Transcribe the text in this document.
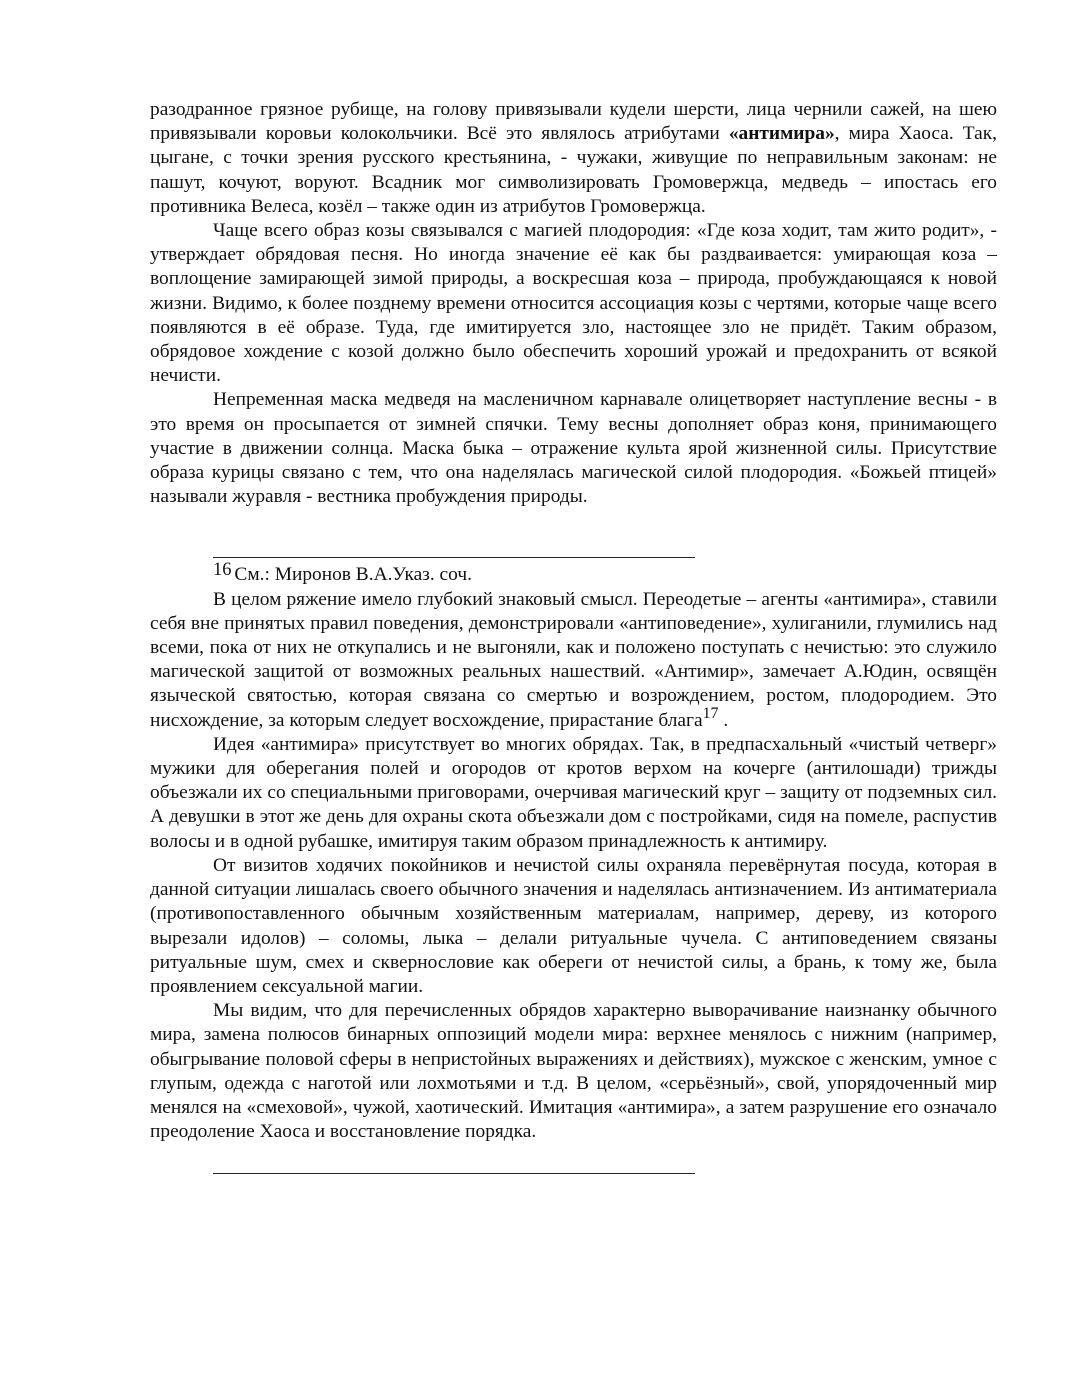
разодранное грязное рубище, на голову привязывали кудели шерсти, лица чернили сажей, на шею привязывали коровьи колокольчики. Всё это являлось атрибутами «антимира», мира Хаоса. Так, цыгане, с точки зрения русского крестьянина, - чужаки, живущие по неправильным законам: не пашут, кочуют, воруют. Всадник мог символизировать Громовержца, медведь – ипостась его противника Велеса, козёл – также один из атрибутов Громовержца.

Чаще всего образ козы связывался с магией плодородия: «Где коза ходит, там жито родит», - утверждает обрядовая песня. Но иногда значение её как бы раздваивается: умирающая коза – воплощение замирающей зимой природы, а воскресшая коза – природа, пробуждающаяся к новой жизни. Видимо, к более позднему времени относится ассоциация козы с чертями, которые чаще всего появляются в её образе. Туда, где имитируется зло, настоящее зло не придёт. Таким образом, обрядовое хождение с козой должно было обеспечить хороший урожай и предохранить от всякой нечисти.

Непременная маска медведя на масленичном карнавале олицетворяет наступление весны - в это время он просыпается от зимней спячки. Тему весны дополняет образ коня, принимающего участие в движении солнца. Маска быка – отражение культа ярой жизненной силы. Присутствие образа курицы связано с тем, что она наделялась магической силой плодородия. «Божьей птицей» называли журавля - вестника пробуждения природы.

16 См.: Миронов В.А.Указ. соч.

В целом ряжение имело глубокий знаковый смысл. Переодетые – агенты «антимира», ставили себя вне принятых правил поведения, демонстрировали «антиповедение», хулиганили, глумились над всеми, пока от них не откупались и не выгоняли, как и положено поступать с нечистью: это служило магической защитой от возможных реальных нашествий. «Антимир», замечает А.Юдин, освящён языческой святостью, которая связана со смертью и возрождением, ростом, плодородием. Это нисхождение, за которым следует восхождение, прирастание блага$^{17}$ .

Идея «антимира» присутствует во многих обрядах. Так, в предпасхальный «чистый четверг» мужики для оберегания полей и огородов от кротов верхом на кочерге (антилошади) трижды объезжали их со специальными приговорами, очерчивая магический круг – защиту от подземных сил. А девушки в этот же день для охраны скота объезжали дом с постройками, сидя на помеле, распустив волосы и в одной рубашке, имитируя таким образом принадлежность к антимиру.

От визитов ходячих покойников и нечистой силы охраняла перевёрнутая посуда, которая в данной ситуации лишалась своего обычного значения и наделялась антизначением. Из антиматериала (противопоставленного обычным хозяйственным материалам, например, дереву, из которого вырезали идолов) – соломы, лыка – делали ритуальные чучела. С антиповедением связаны ритуальные шум, смех и сквернословие как обереги от нечистой силы, а брань, к тому же, была проявлением сексуальной магии.

Мы видим, что для перечисленных обрядов характерно выворачивание наизнанку обычного мира, замена полюсов бинарных оппозиций модели мира: верхнее менялось с нижним (например, обыгрывание половой сферы в непристойных выражениях и действиях), мужское с женским, умное с глупым, одежда с наготой или лохмотьями и т.д. В целом, «серьёзный», свой, упорядоченный мир менялся на «смеховой», чужой, хаотический. Имитация «антимира», а затем разрушение его означало преодоление Хаоса и восстановление порядка.
